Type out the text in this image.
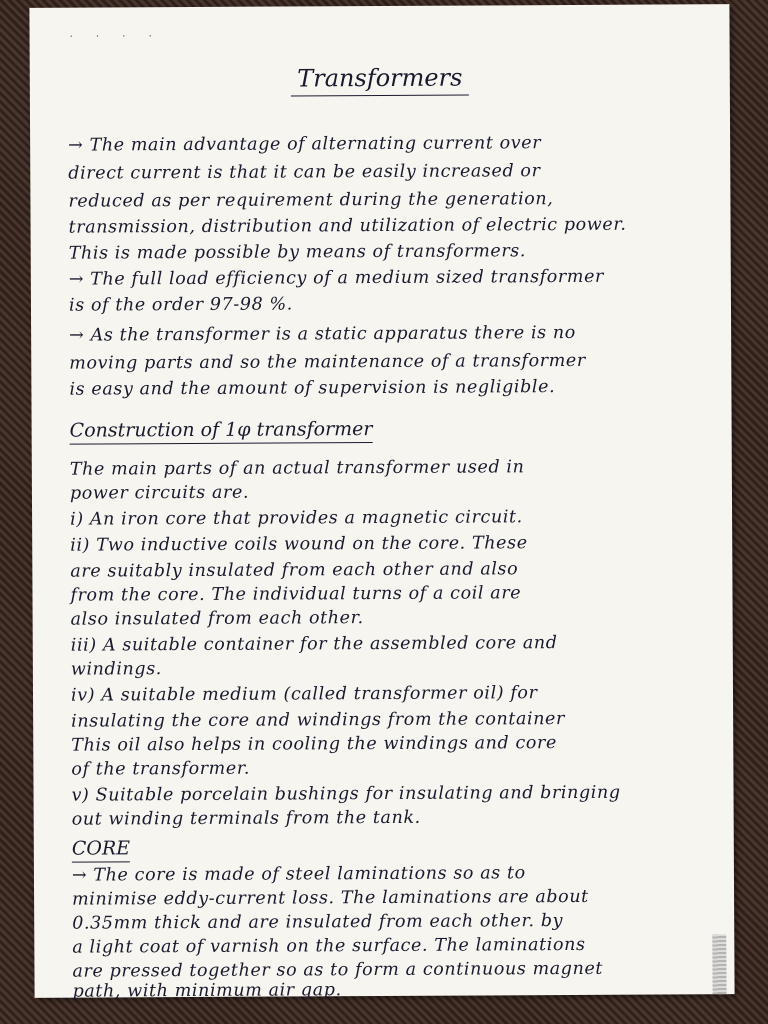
· · · ·
Transformers
→ The main advantage of alternating current over
direct current is that it can be easily increased or
reduced as per requirement during the generation,
transmission, distribution and utilization of electric power.
This is made possible by means of transformers.
→ The full load efficiency of a medium sized transformer
is of the order 97-98 %.
→ As the transformer is a static apparatus there is no
moving parts and so the maintenance of a transformer
is easy and the amount of supervision is negligible.
Construction of 1φ transformer
The main parts of an actual transformer used in
power circuits are.
i) An iron core that provides a magnetic circuit.
ii) Two inductive coils wound on the core. These
are suitably insulated from each other and also
from the core. The individual turns of a coil are
also insulated from each other.
iii) A suitable container for the assembled core and
windings.
iv) A suitable medium (called transformer oil) for
insulating the core and windings from the container
This oil also helps in cooling the windings and core
of the transformer.
v) Suitable porcelain bushings for insulating and bringing
out winding terminals from the tank.
CORE
→ The core is made of steel laminations so as to
minimise eddy-current loss. The laminations are about
0.35mm thick and are insulated from each other. by
a light coat of varnish on the surface. The laminations
are pressed together so as to form a continuous magnet
path, with minimum air gap.
